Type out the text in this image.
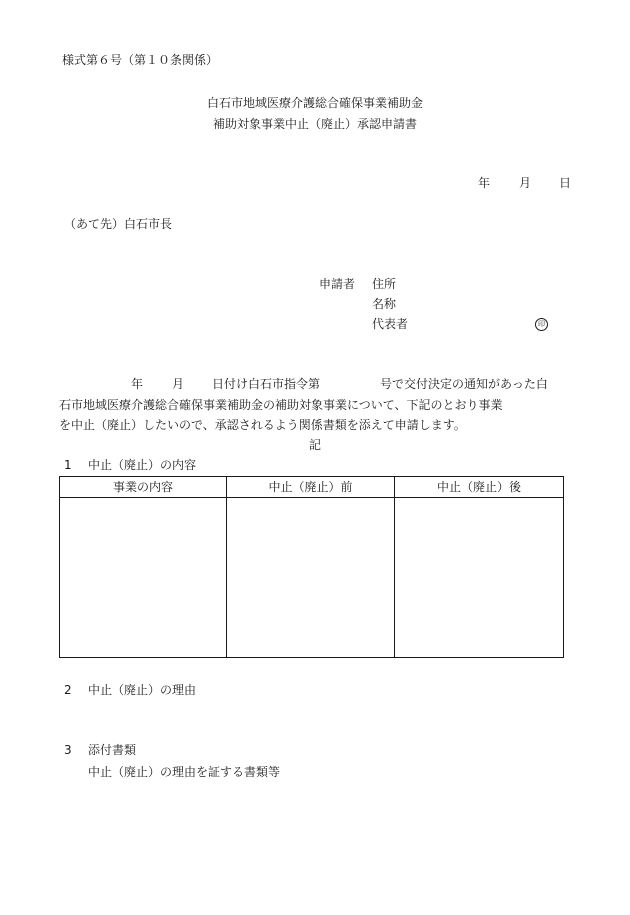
様式第６号（第１０条関係）
白石市地域医療介護総合確保事業補助金
補助対象事業中止（廃止）承認申請書
年 月 日
（あて先）白石市長
申請者 住所
名称
代表者	印
年 月 日付け白石市指令第	号で交付決定の通知があった白
石市地域医療介護総合確保事業補助金の補助対象事業について、下記のとおり事業
を中止（廃止）したいので、承認されるよう関係書類を添えて申請します。
記
1 中止（廃止）の内容
事業の内容	中止（廃止）前	中止（廃止）後

2 中止（廃止）の理由
3 添付書類
中止（廃止）の理由を証する書類等
